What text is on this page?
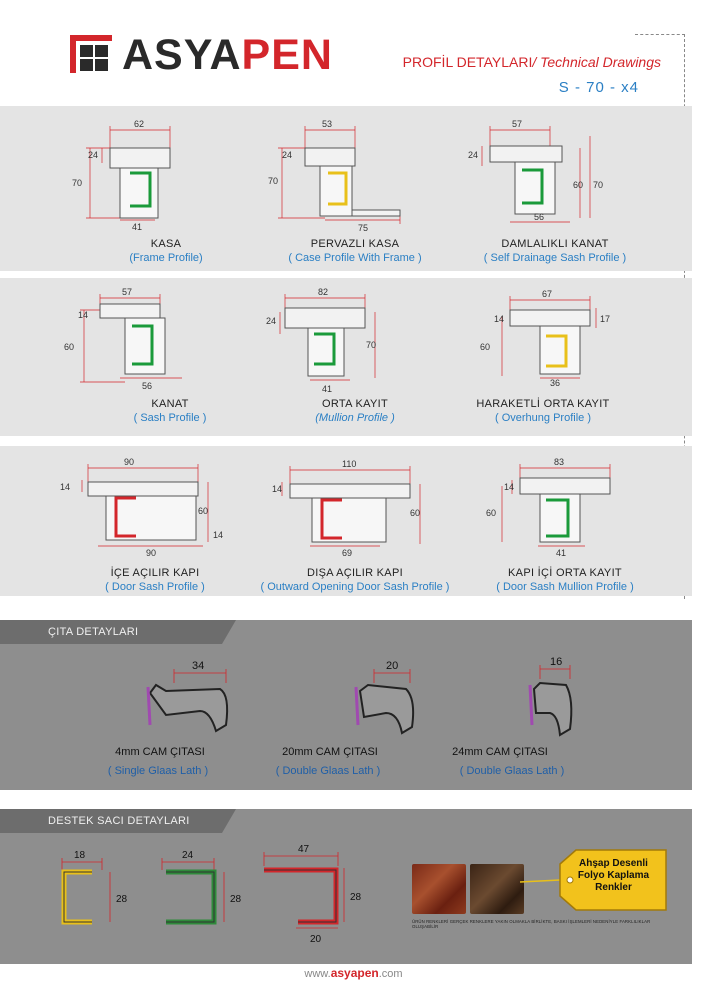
ASYAPEN	PROFİL DETAYLARI/ Technical Drawings
S - 70 - x4
62
24
70
41
KASA
(Frame Profile)
53
24
70
75
PERVAZLI KASA
( Case Profile With Frame )
57
24
60 70
56
DAMLALIKLI KANAT
( Self Drainage Sash Profile )
57
14
60
56
KANAT
( Sash Profile )
82
24
70
41
ORTA KAYIT
(Mullion Profile )
67
14	17
60
36
HARAKETLİ ORTA KAYIT
( Overhung Profile )
90
14
60
14
90
İÇE AÇILIR KAPI
( Door Sash Profile )
110
14
60
69
DIŞA AÇILIR KAPI
( Outward Opening Door Sash Profile )
83
14
60
41
KAPI İÇİ ORTA KAYIT
( Door Sash Mullion Profile )
ÇITA DETAYLARI
34	20	16
4mm CAM ÇITASI
( Single Glaas Lath )
20mm CAM ÇITASI
( Double Glaas Lath )
24mm CAM ÇITASI
( Double Glaas Lath )
DESTEK SACI DETAYLARI
18
28
24
28
47
28
20
Ahşap Desenli Folyo Kaplama Renkler
ÜRÜN RENKLERİ GERÇEK RENKLERE YAKIN OLMAKLA BİRLİKTE, BASKI İŞLEMLERİ NEDENİYLE FARKLILIKLAR OLUŞABİLİR
www.asyapen.com
